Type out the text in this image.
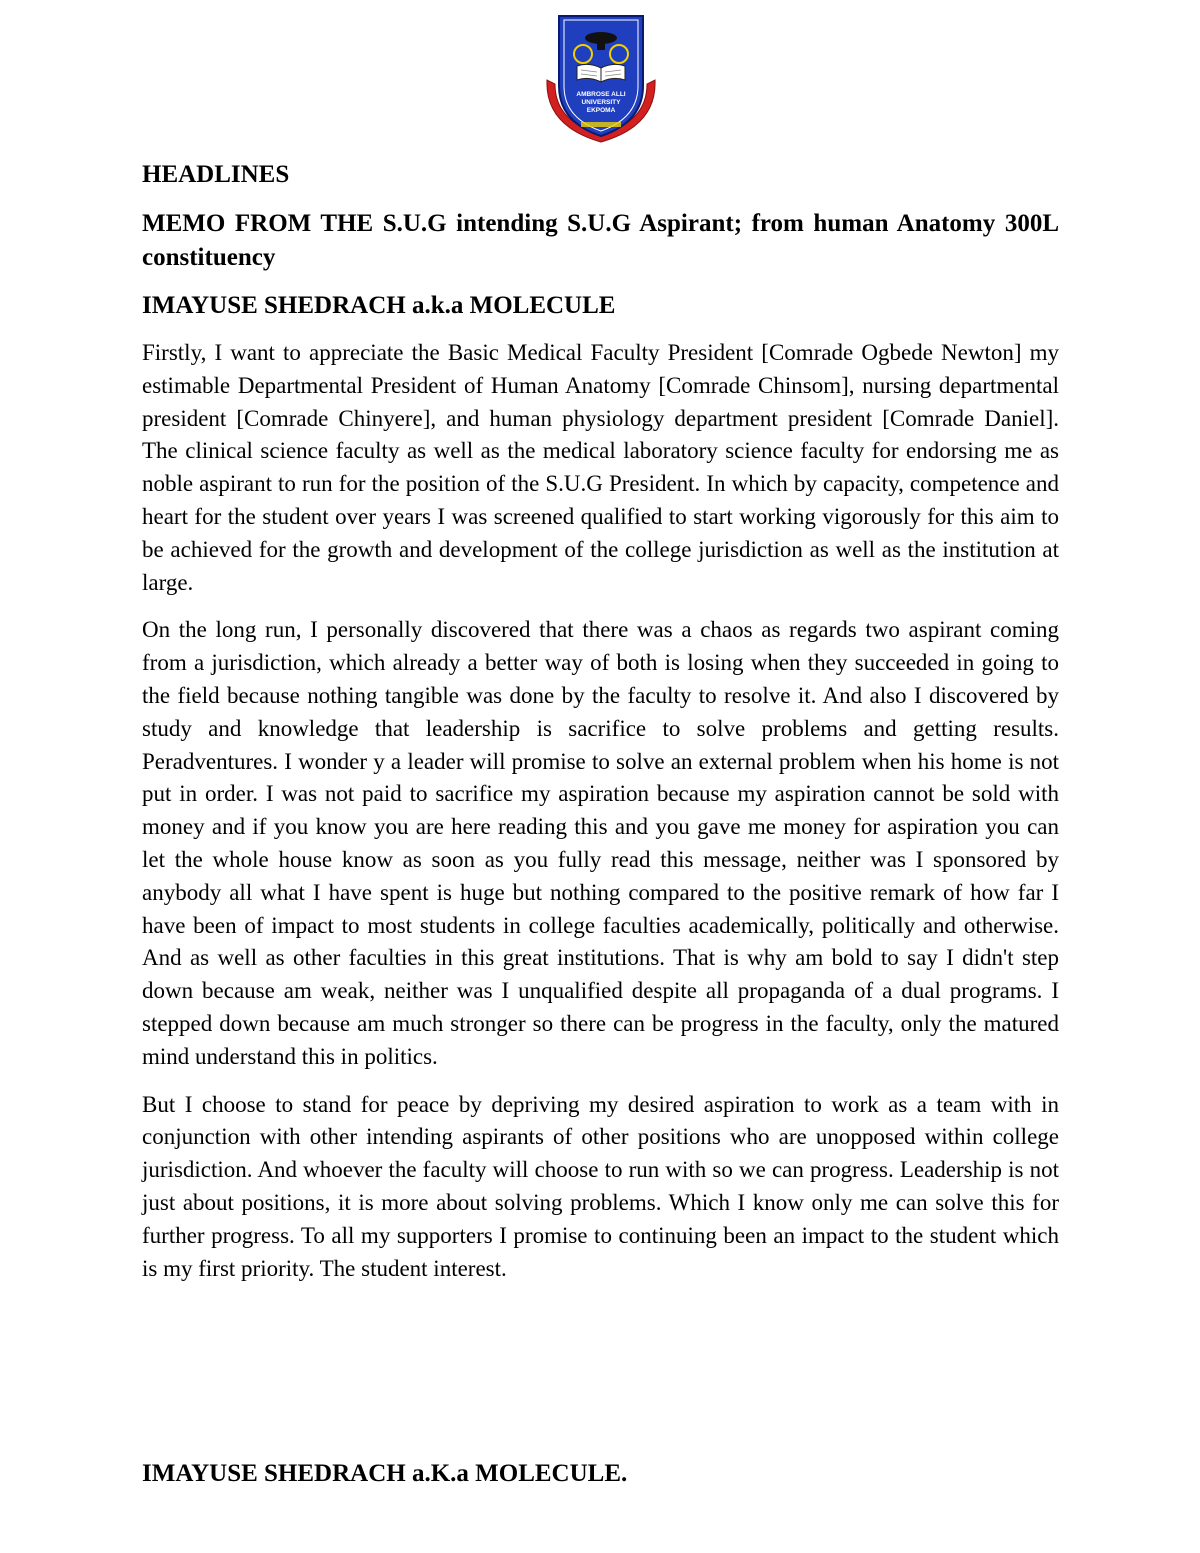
AMBROSE ALLI
UNIVERSITY
EKPOMA
HEADLINES
MEMO FROM THE S.U.G intending S.U.G Aspirant; from human Anatomy 300L constituency
IMAYUSE SHEDRACH a.k.a MOLECULE

Firstly, I want to appreciate the Basic Medical Faculty President [Comrade Ogbede Newton] my estimable Departmental President of Human Anatomy [Comrade Chinsom], nursing departmental president [Comrade Chinyere], and human physiology department president [Comrade Daniel]. The clinical science faculty as well as the medical laboratory science faculty for endorsing me as noble aspirant to run for the position of the S.U.G President. In which by capacity, competence and heart for the student over years I was screened qualified to start working vigorously for this aim to be achieved for the growth and development of the college jurisdiction as well as the institution at large.

On the long run, I personally discovered that there was a chaos as regards two aspirant coming from a jurisdiction, which already a better way of both is losing when they succeeded in going to the field because nothing tangible was done by the faculty to resolve it. And also I discovered by study and knowledge that leadership is sacrifice to solve problems and getting results. Peradventures. I wonder y a leader will promise to solve an external problem when his home is not put in order. I was not paid to sacrifice my aspiration because my aspiration cannot be sold with money and if you know you are here reading this and you gave me money for aspiration you can let the whole house know as soon as you fully read this message, neither was I sponsored by anybody all what I have spent is huge but nothing compared to the positive remark of how far I have been of impact to most students in college faculties academically, politically and otherwise. And as well as other faculties in this great institutions. That is why am bold to say I didn't step down because am weak, neither was I unqualified despite all propaganda of a dual programs. I stepped down because am much stronger so there can be progress in the faculty, only the matured mind understand this in politics.

But I choose to stand for peace by depriving my desired aspiration to work as a team with in conjunction with other intending aspirants of other positions who are unopposed within college jurisdiction. And whoever the faculty will choose to run with so we can progress. Leadership is not just about positions, it is more about solving problems. Which I know only me can solve this for further progress. To all my supporters I promise to continuing been an impact to the student which is my first priority. The student interest.

IMAYUSE SHEDRACH a.K.a MOLECULE.
